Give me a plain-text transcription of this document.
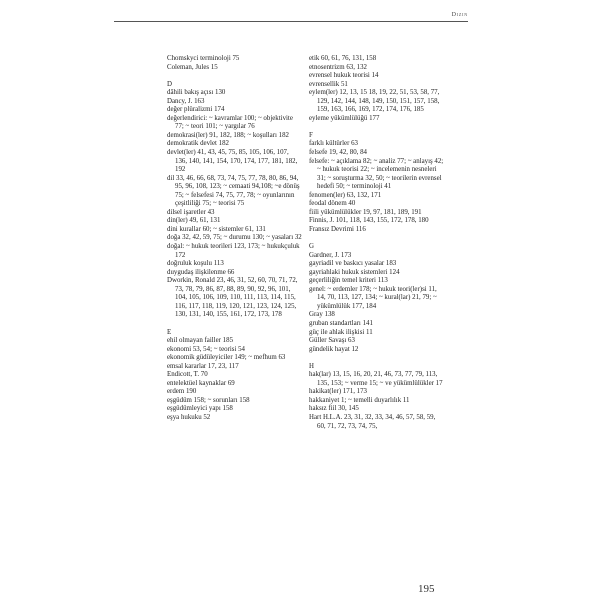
Dizin
Chomskyci terminoloji 75
Coleman, Jules 15
D
dâhili bakış açısı 130
Dancy, J. 163
değer plüralizmi 174
değerlendirici: ~ kavramlar 100; ~ objektivite 77; ~ teori 101; ~ yargılar 76
demokrasi(ler) 91, 182, 188; ~ koşulları 182
demokratik devlet 182
devlet(ler) 41, 43, 45, 75, 85, 105, 106, 107, 136, 140, 141, 154, 170, 174, 177, 181, 182, 192
dil 33, 46, 66, 68, 73, 74, 75, 77, 78, 80, 86, 94, 95, 96, 108, 123; ~ cemaati 94,108; ~e dönüş 75; ~ felsefesi 74, 75, 77, 78; ~ oyunlarının çeşitliliği 75; ~ teorisi 75
dilsel işaretler 43
din(ler) 49, 61, 131
dini kurallar 60; ~ sistemler 61, 131
doğa 32, 42, 59, 75; ~ durumu 130; ~ yasaları 32
doğal: ~ hukuk teorileri 123, 173; ~ hukukçuluk 172
doğruluk koşulu 113
duygudaş ilişkilenme 66
Dworkin, Ronald 23, 46, 31, 52, 60, 70, 71, 72, 73, 78, 79, 86, 87, 88, 89, 90, 92, 96, 101, 104, 105, 106, 109, 110, 111, 113, 114, 115, 116, 117, 118, 119, 120, 121, 123, 124, 125, 130, 131, 140, 155, 161, 172, 173, 178
E
ehil olmayan failler 185
ekonomi 53, 54; ~ teorisi 54
ekonomik güdüleyiciler 149; ~ mefhum 63
emsal kararlar 17, 23, 117
Endicott, T. 70
entelektüel kaynaklar 69
erdem 190
eşgüdüm 158; ~ sorunları 158
eşgüdümleyici yapı 158
eşya hukuku 52
etik 60, 61, 76, 131, 158
etnosentrizm 63, 132
evrensel hukuk teorisi 14
evrensellik 51
eylem(ler) 12, 13, 15 18, 19, 22, 51, 53, 58, 77, 129, 142, 144, 148, 149, 150, 151, 157, 158, 159, 163, 166, 169, 172, 174, 176, 185
eyleme yükümlülüğü 177
F
farklı kültürler 63
felsefe 19, 42, 80, 84
felsefe: ~ açıklama 82; ~ analiz 77; ~ anlayış 42; ~ hukuk teorisi 22; ~ incelemenin nesneleri 31; ~ soruşturma 32, 50; ~ teorilerin evrensel hedefi 50; ~ terminoloji 41
fenomen(ler) 63, 132, 171
feodal dönem 40
fiili yükümlülükler 19, 97, 181, 189, 191
Finnis, J. 101, 118, 143, 155, 172, 178, 180
Fransız Devrimi 116
G
Gardner, J. 173
gayriadil ve baskıcı yasalar 183
gayriahlaki hukuk sistemleri 124
geçerliliğin temel kriteri 113
genel: ~ erdemler 178; ~ hukuk teori(ler)si 11, 14, 70, 113, 127, 134; ~ kural(lar) 21, 79; ~ yükümlülük 177, 184
Gray 138
gruban standartları 141
güç ile ahlak ilişkisi 11
Güller Savaşı 63
gündelik hayat 12
H
hak(lar) 13, 15, 16, 20, 21, 46, 73, 77, 79, 113, 135, 153; ~ verme 15; ~ ve yükümlülükler 17
hakikat(ler) 171, 173
hakkaniyet 1; ~ temelli duyarlılık 11
haksız fiil 30, 145
Hart H.L.A. 23, 31, 32, 33, 34, 46, 57, 58, 59, 60, 71, 72, 73, 74, 75,
195
